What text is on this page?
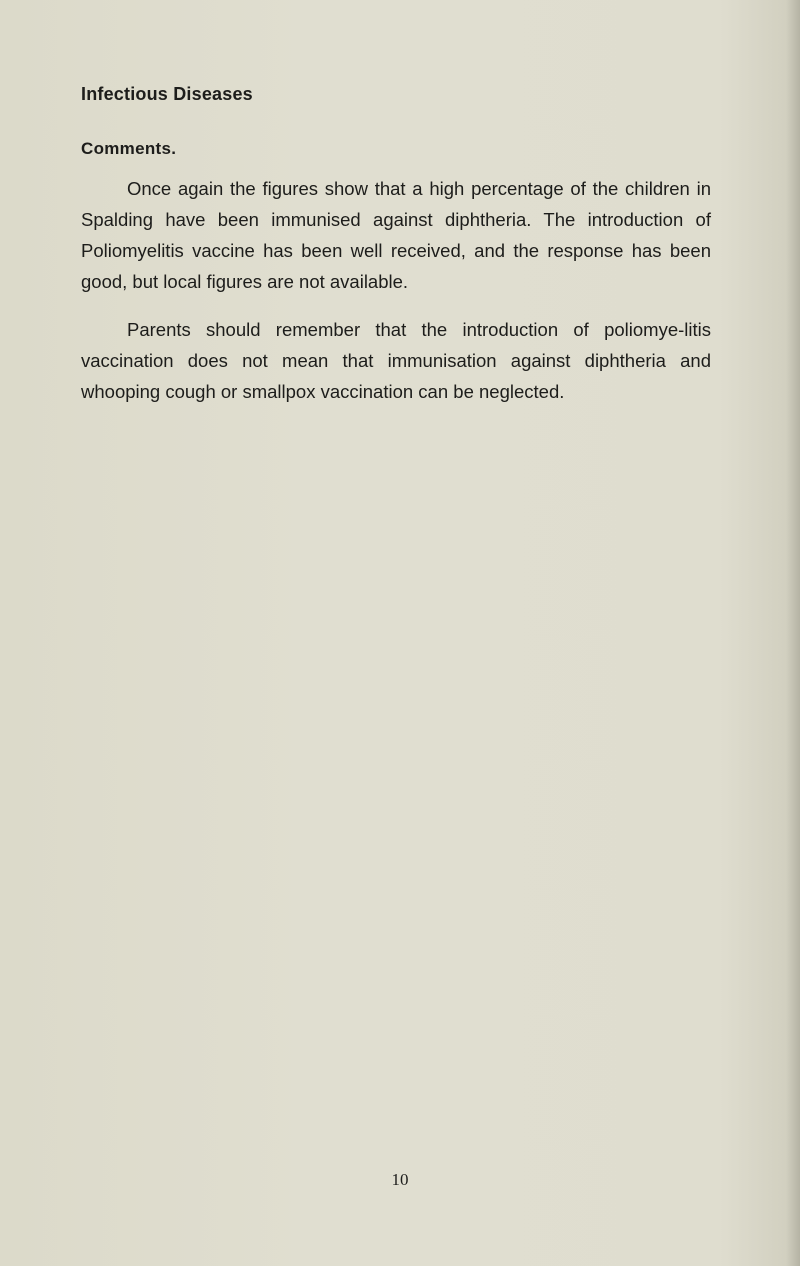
Infectious Diseases
Comments.

Once again the figures show that a high percentage of the children in Spalding have been immunised against diphtheria. The introduction of Poliomyelitis vaccine has been well received, and the response has been good, but local figures are not available.

Parents should remember that the introduction of poliomye-litis vaccination does not mean that immunisation against diphtheria and whooping cough or smallpox vaccination can be neglected.

10
